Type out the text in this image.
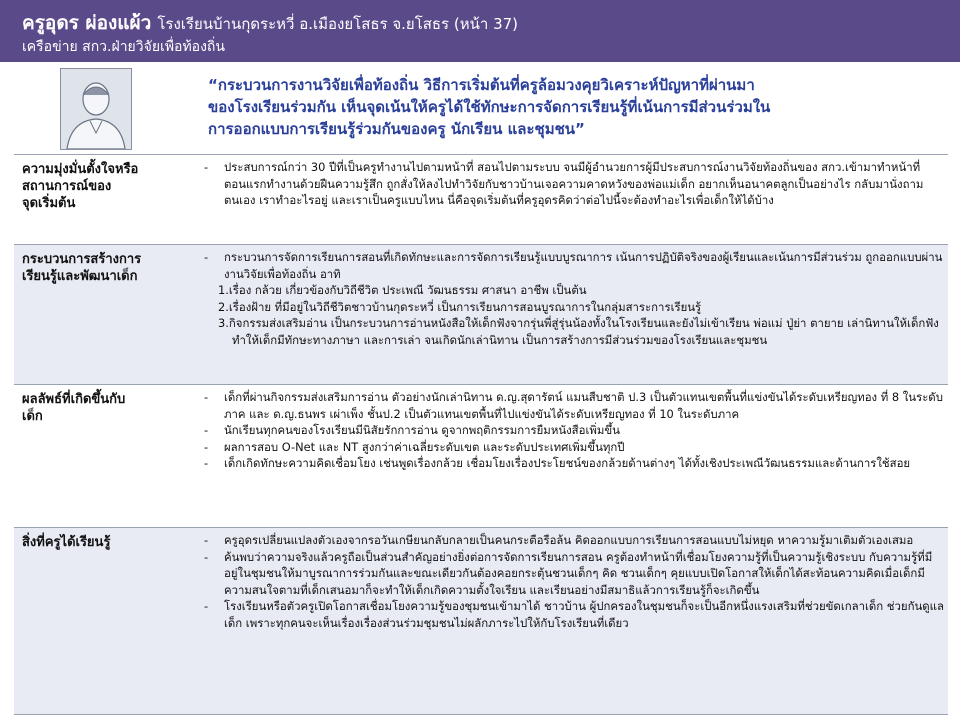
ครูอุดร ผ่องแผ้ว โรงเรียนบ้านกุดระหวี่ อ.เมืองยโสธร จ.ยโสธร (หน้า 37)
เครือข่าย สกว.ฝ่ายวิจัยเพื่อท้องถิ่น
“กระบวนการงานวิจัยเพื่อท้องถิ่น วิธีการเริ่มต้นที่ครูล้อมวงคุยวิเคราะห์ปัญหาที่ผ่านมา
ของโรงเรียนร่วมกัน เห็นจุดเน้นให้ครูได้ใช้ทักษะการจัดการเรียนรู้ที่เน้นการมีส่วนร่วมใน
การออกแบบการเรียนรู้ร่วมกันของครู นักเรียน และชุมชน”
ความมุ่งมั่นตั้งใจหรือ
สถานการณ์ของ
จุดเริ่มต้น
- ประสบการณ์กว่า 30 ปีที่เป็นครูทำงานไปตามหน้าที่ สอนไปตามระบบ จนมีผู้อำนวยการผู้มีประสบการณ์งานวิจัยท้องถิ่นของ สกว.เข้ามาทำหน้าที่ ตอนแรกทำงานด้วยฝืนความรู้สึก ถูกสั่งให้ลงไปทำวิจัยกับชาวบ้านเจอความคาดหวังของพ่อแม่เด็ก อยากเห็นอนาคตลูกเป็นอย่างไร กลับมานั่งถามตนเอง เราทำอะไรอยู่ และเราเป็นครูแบบไหน นี่คือจุดเริ่มต้นที่ครูอุดรคิดว่าต่อไปนี้จะต้องทำอะไรเพื่อเด็กให้ได้บ้าง
กระบวนการสร้างการ
เรียนรู้และพัฒนาเด็ก
- กระบวนการจัดการเรียนการสอนที่เกิดทักษะและการจัดการเรียนรู้แบบบูรณาการ เน้นการปฏิบัติจริงของผู้เรียนและเน้นการมีส่วนร่วม ถูกออกแบบผ่านงานวิจัยเพื่อท้องถิ่น อาทิ
1.เรื่อง กล้วย เกี่ยวข้องกับวิถีชีวิต ประเพณี วัฒนธรรม ศาสนา อาชีพ เป็นต้น
2.เรื่องฝ้าย ที่มีอยู่ในวิถีชีวิตชาวบ้านกุดระหวี่ เป็นการเรียนการสอนบูรณาการในกลุ่มสาระการเรียนรู้
3.กิจกรรมส่งเสริมอ่าน เป็นกระบวนการอ่านหนังสือให้เด็กฟังจากรุ่นพี่สู่รุ่นน้องทั้งในโรงเรียนและยังไม่เข้าเรียน พ่อแม่ ปู่ย่า ตายาย เล่านิทานให้เด็กฟัง ทำให้เด็กมีทักษะทางภาษา และการเล่า จนเกิดนักเล่านิทาน เป็นการสร้างการมีส่วนร่วมของโรงเรียนและชุมชน
ผลลัพธ์ที่เกิดขึ้นกับ
เด็ก
- เด็กที่ผ่านกิจกรรมส่งเสริมการอ่าน ตัวอย่างนักเล่านิทาน ด.ญ.สุดารัตน์ แมนสืบชาติ ป.3 เป็นตัวแทนเขตพื้นที่แข่งขันได้ระดับเหรียญทอง ที่ 8 ในระดับภาค และ ด.ญ.ธนพร เผ่าเพ็ง ชั้นป.2 เป็นตัวแทนเขตพื้นที่ไปแข่งขันได้ระดับเหรียญทอง ที่ 10 ในระดับภาค
- นักเรียนทุกคนของโรงเรียนมีนิสัยรักการอ่าน ดูจากพฤติกรรมการยืมหนังสือเพิ่มขึ้น
- ผลการสอบ O-Net และ NT สูงกว่าค่าเฉลี่ยระดับเขต และระดับประเทศเพิ่มขึ้นทุกปี
- เด็กเกิดทักษะความคิดเชื่อมโยง เช่นพูดเรื่องกล้วย เชื่อมโยงเรื่องประโยชน์ของกล้วยด้านต่างๆ ได้ทั้งเชิงประเพณีวัฒนธรรมและด้านการใช้สอย
สิ่งที่ครูได้เรียนรู้	- ครูอุดรเปลี่ยนแปลงตัวเองจากรอวันเกษียนกลับกลายเป็นคนกระตือรือล้น คิดออกแบบการเรียนการสอนแบบไม่หยุด หาความรู้มาเติมตัวเองเสมอ
- ค้นพบว่าความจริงแล้วครูถือเป็นส่วนสำคัญอย่างยิ่งต่อการจัดการเรียนการสอน ครูต้องทำหน้าที่เชื่อมโยงความรู้ที่เป็นความรู้เชิงระบบ กับความรู้ที่มีอยู่ในชุมชนให้มาบูรณาการร่วมกันและขณะเดียวกันต้องคอยกระตุ้นชวนเด็กๆ คิด ชวนเด็กๆ คุยแบบเปิดโอกาสให้เด็กได้สะท้อนความคิดเมื่อเด็กมีความสนใจตามที่เด็กเสนอมาก็จะทำให้เด็กเกิดความตั้งใจเรียน และเรียนอย่างมีสมาธิแล้วการเรียนรู้ก็จะเกิดขึ้น
- โรงเรียนหรือตัวครูเปิดโอกาสเชื่อมโยงความรู้ของชุมชนเข้ามาได้ ชาวบ้าน ผู้ปกครองในชุมชนก็จะเป็นอีกหนึ่งแรงเสริมที่ช่วยขัดเกลาเด็ก ช่วยกันดูแลเด็ก เพราะทุกคนจะเห็นเรื่องเรื่องส่วนร่วมชุมชนไม่ผลักภาระไปให้กับโรงเรียนที่เดียว
